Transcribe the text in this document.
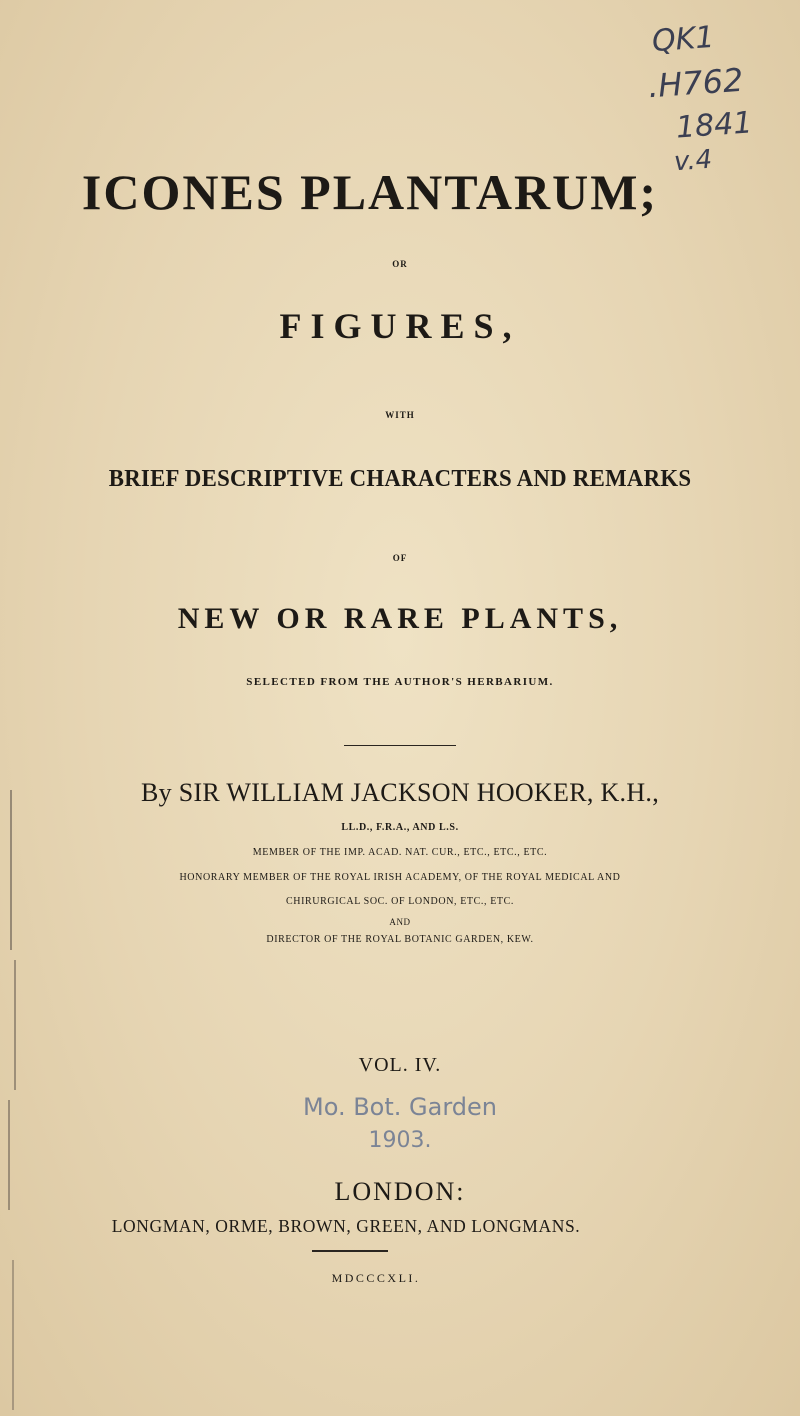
QK1
.H762
1841
v.4
ICONES PLANTARUM;
OR
FIGURES,
WITH
BRIEF DESCRIPTIVE CHARACTERS AND REMARKS
OF
NEW OR RARE PLANTS,
SELECTED FROM THE AUTHOR'S HERBARIUM.
By SIR WILLIAM JACKSON HOOKER, K.H.,
LL.D., F.R.A., AND L.S.
MEMBER OF THE IMP. ACAD. NAT. CUR., ETC., ETC., ETC.
HONORARY MEMBER OF THE ROYAL IRISH ACADEMY, OF THE ROYAL MEDICAL AND
CHIRURGICAL SOC. OF LONDON, ETC., ETC.
AND
DIRECTOR OF THE ROYAL BOTANIC GARDEN, KEW.
VOL. IV.
Mo. Bot. Garden
1903.
LONDON:
LONGMAN, ORME, BROWN, GREEN, AND LONGMANS.
MDCCCXLI.
